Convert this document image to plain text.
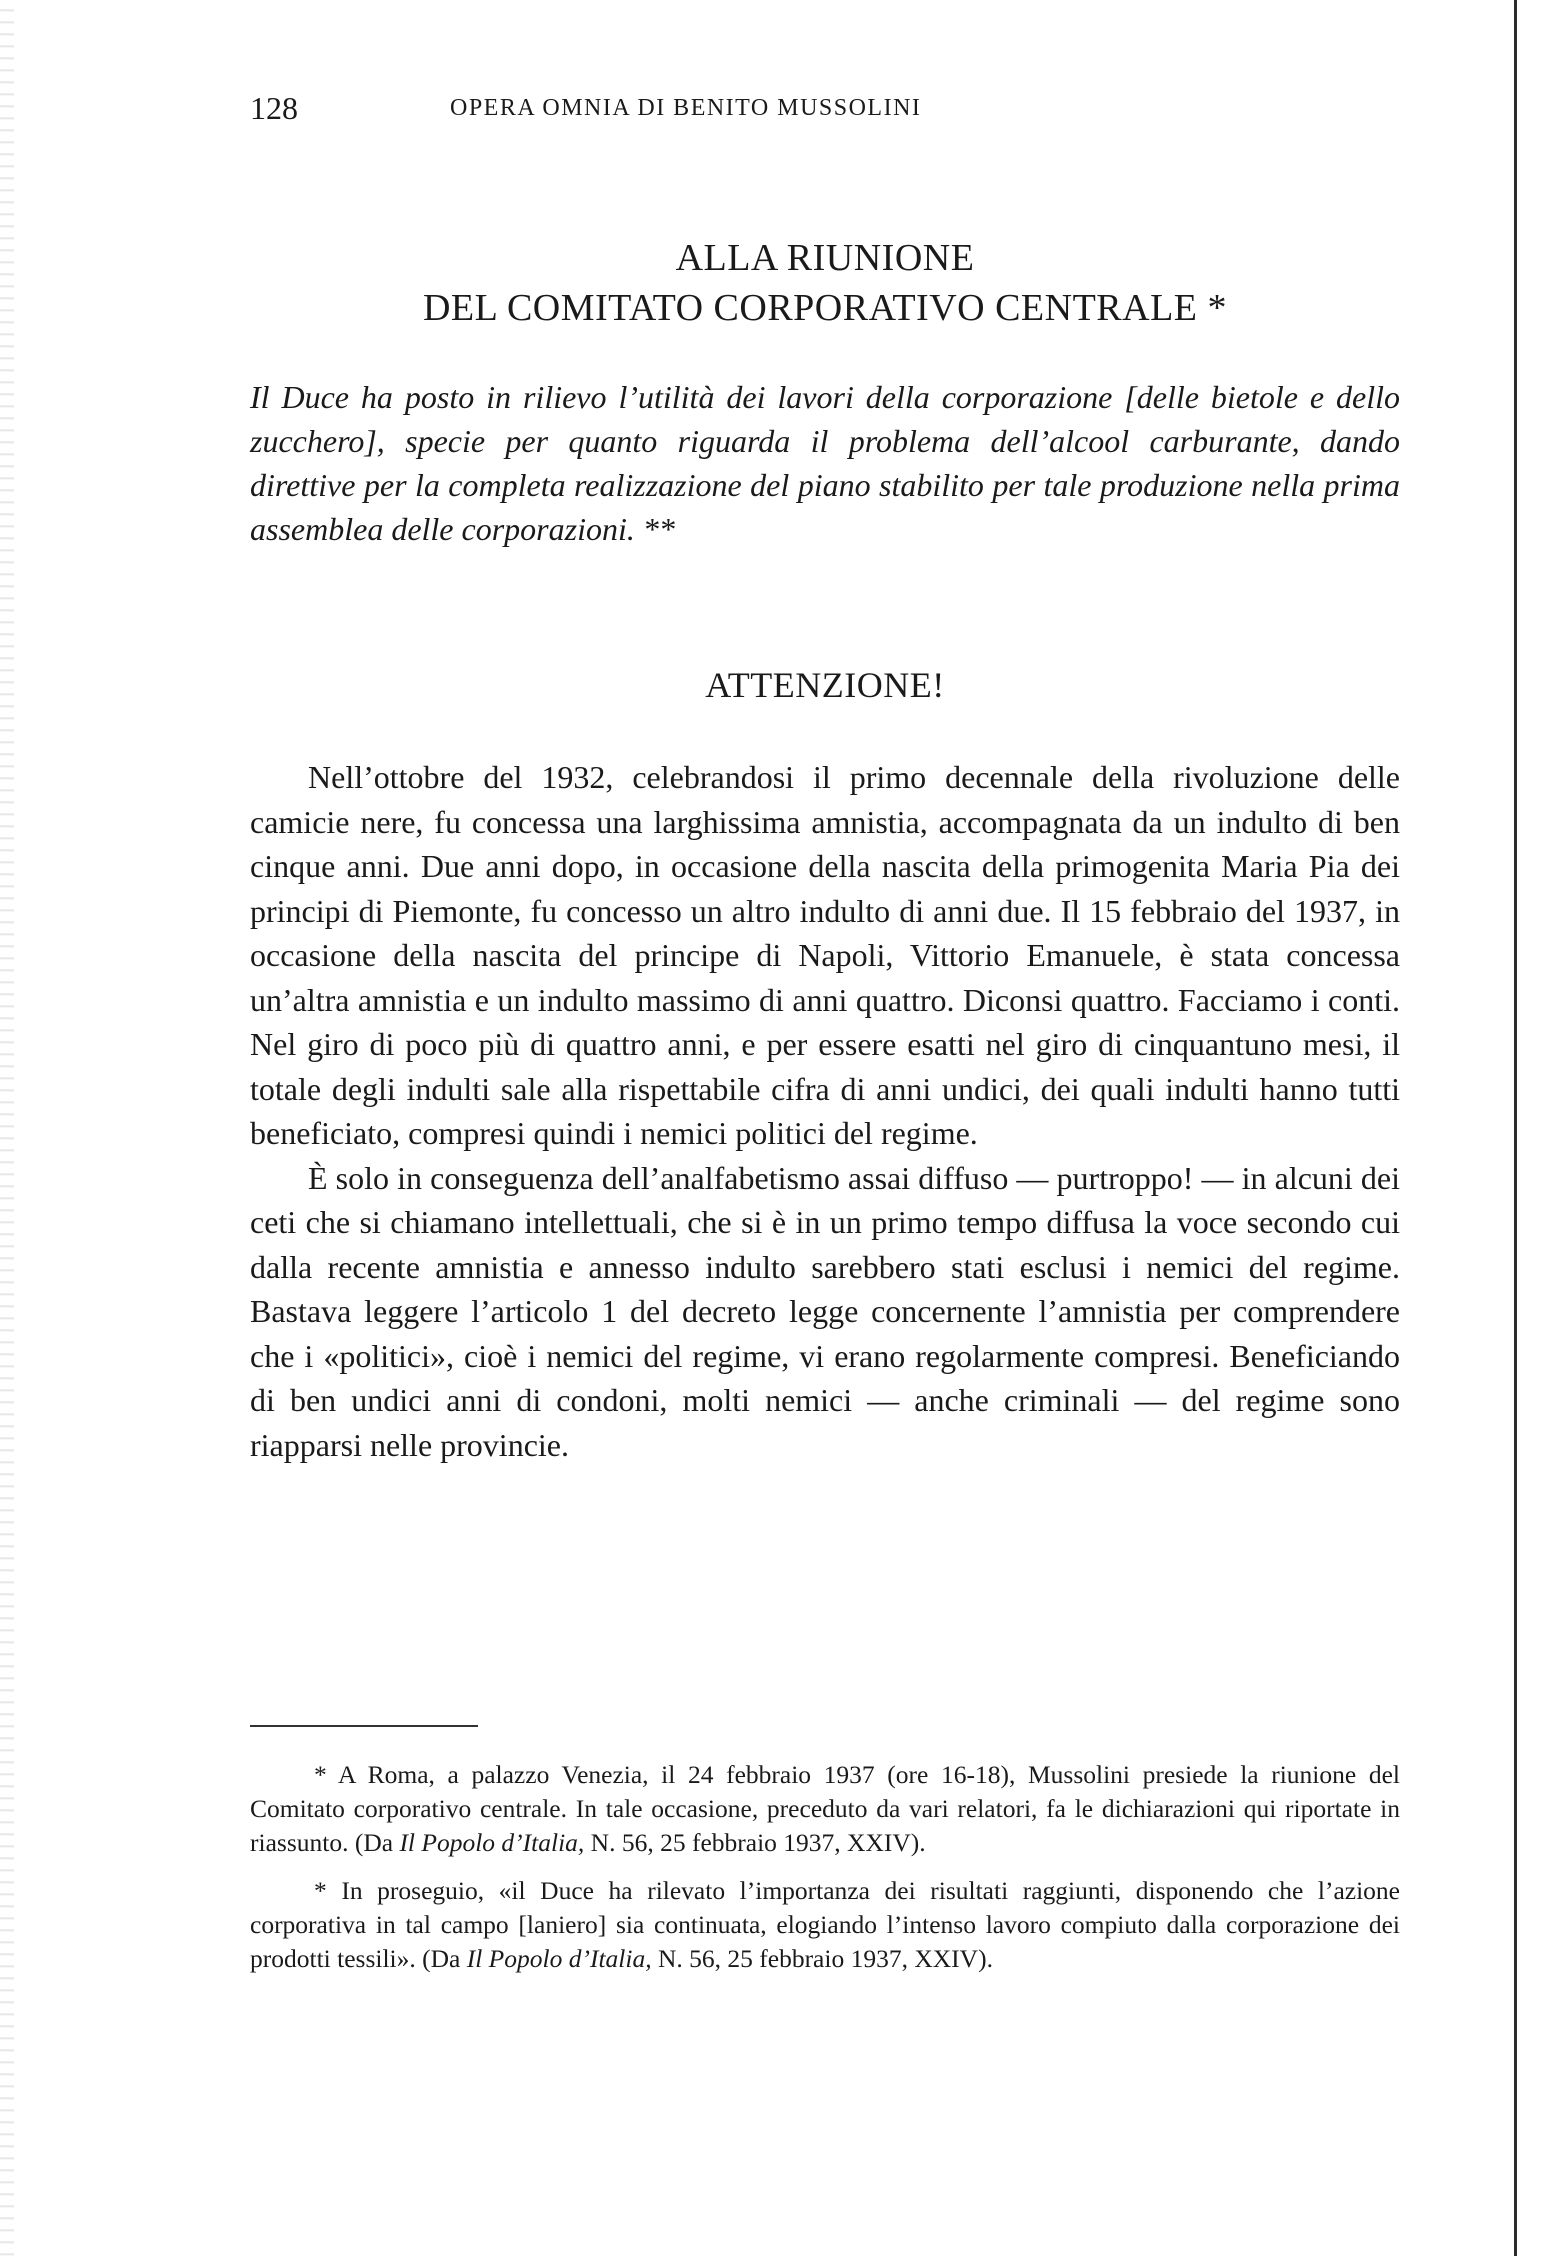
128	OPERA OMNIA DI BENITO MUSSOLINI
ALLA RIUNIONE
DEL COMITATO CORPORATIVO CENTRALE *
Il Duce ha posto in rilievo l’utilità dei lavori della corporazione [delle bietole e dello zucchero], specie per quanto riguarda il problema dell’alcool carburante, dando direttive per la completa realizzazione del piano stabilito per tale produzione nella prima assemblea delle corporazioni. **
ATTENZIONE!

Nell’ottobre del 1932, celebrandosi il primo decennale della rivoluzione delle camicie nere, fu concessa una larghissima amnistia, accompagnata da un indulto di ben cinque anni. Due anni dopo, in occasione della nascita della primogenita Maria Pia dei principi di Piemonte, fu concesso un altro indulto di anni due. Il 15 febbraio del 1937, in occasione della nascita del principe di Napoli, Vittorio Emanuele, è stata concessa un’altra amnistia e un indulto massimo di anni quattro. Diconsi quattro. Facciamo i conti. Nel giro di poco più di quattro anni, e per essere esatti nel giro di cinquantuno mesi, il totale degli indulti sale alla rispettabile cifra di anni undici, dei quali indulti hanno tutti beneficiato, compresi quindi i nemici politici del regime.

È solo in conseguenza dell’analfabetismo assai diffuso — purtroppo! — in alcuni dei ceti che si chiamano intellettuali, che si è in un primo tempo diffusa la voce secondo cui dalla recente amnistia e annesso indulto sarebbero stati esclusi i nemici del regime. Bastava leggere l’articolo 1 del decreto legge concernente l’amnistia per comprendere che i «politici», cioè i nemici del regime, vi erano regolarmente compresi. Beneficiando di ben undici anni di condoni, molti nemici — anche criminali — del regime sono riapparsi nelle provincie.

* A Roma, a palazzo Venezia, il 24 febbraio 1937 (ore 16-18), Mussolini presiede la riunione del Comitato corporativo centrale. In tale occasione, preceduto da vari relatori, fa le dichiarazioni qui riportate in riassunto. (Da Il Popolo d’Italia, N. 56, 25 febbraio 1937, XXIV).

* In proseguio, «il Duce ha rilevato l’importanza dei risultati raggiunti, disponendo che l’azione corporativa in tal campo [laniero] sia continuata, elogiando l’intenso lavoro compiuto dalla corporazione dei prodotti tessili». (Da Il Popolo d’Italia, N. 56, 25 febbraio 1937, XXIV).
